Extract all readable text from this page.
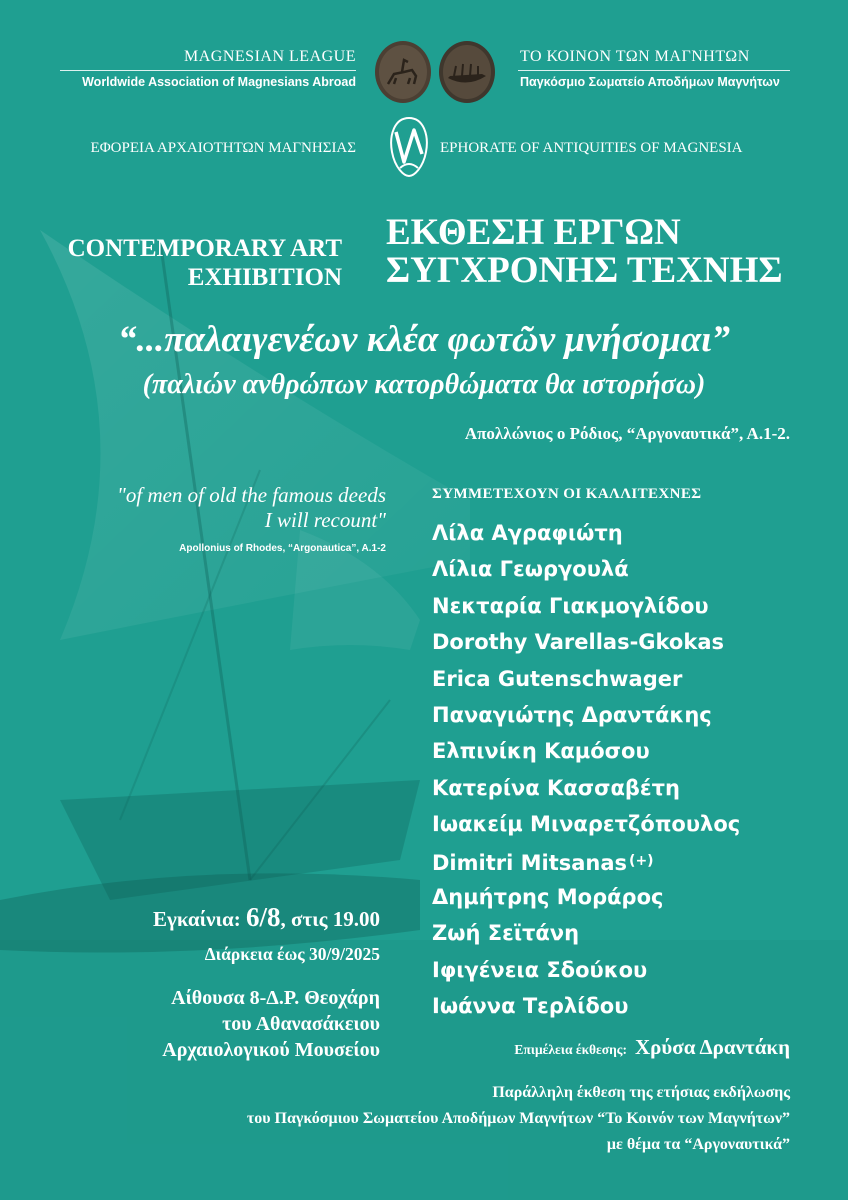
MAGNESIAN LEAGUE
Worldwide Association of Magnesians Abroad
ΤΟ ΚΟΙΝΟΝ ΤΩΝ ΜΑΓΝΗΤΩΝ
Παγκόσμιο Σωματείο Αποδήμων Μαγνήτων
ΕΦΟΡΕΙΑ ΑΡΧΑΙΟΤΗΤΩΝ ΜΑΓΝΗΣΙΑΣ	EPHORATE OF ANTIQUITIES OF MAGNESIA
CONTEMPORARY ART
EXHIBITION
ΕΚΘΕΣΗ ΕΡΓΩΝ
ΣΥΓΧΡΟΝΗΣ ΤΕΧΝΗΣ
“...παλαιγενέων κλέα φωτῶν μνήσομαι”
(παλιών ανθρώπων κατορθώματα θα ιστορήσω)
Απολλώνιος ο Ρόδιος, “Αργοναυτικά”, Α.1-2.
"of men of old the famous deeds
I will recount"
Apollonius of Rhodes, “Argonautica”, A.1-2
ΣΥΜΜΕΤΕΧΟΥΝ ΟΙ ΚΑΛΛΙΤΕΧΝΕΣ
Λίλα Αγραφιώτη
Λίλια Γεωργουλά
Νεκταρία Γιακμογλίδου
Dorothy Varellas-Gkokas
Erica Gutenschwager
Παναγιώτης Δραντάκης
Ελπινίκη Καμόσου
Κατερίνα Κασσαβέτη
Ιωακείμ Μιναρετζόπουλος
Dimitri Mitsanas (+)
Δημήτρης Μοράρος
Ζωή Σεϊτάνη
Ιφιγένεια Σδούκου
Ιωάννα Τερλίδου
Εγκαίνια: 6/8, στις 19.00
Διάρκεια έως 30/9/2025
Αίθουσα 8-Δ.Ρ. Θεοχάρη
του Αθανασάκειου
Αρχαιολογικού Μουσείου	Επιμέλεια έκθεσης: Χρύσα Δραντάκη
Παράλληλη έκθεση της ετήσιας εκδήλωσης
του Παγκόσμιου Σωματείου Αποδήμων Μαγνήτων “Το Κοινόν των Μαγνήτων”
με θέμα τα “Αργοναυτικά”
